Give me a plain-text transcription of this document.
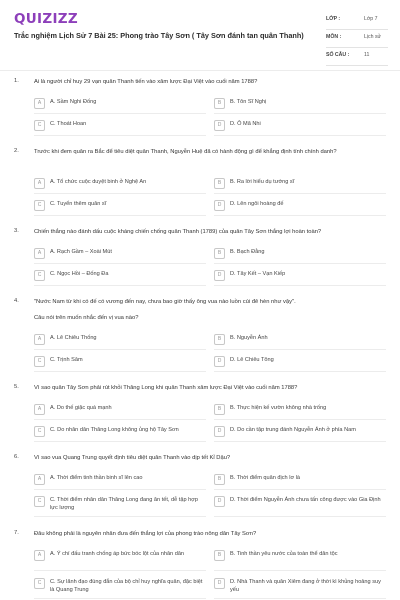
QUIZIZZ
Trắc nghiệm Lịch Sử 7 Bài 25: Phong trào Tây Sơn ( Tây Sơn đánh tan quân Thanh)
LỚP :	Lớp 7
MÔN :	Lịch sử
SỐ CÂU :	11
1.	Ai là người chỉ huy 29 vạn quân Thanh tiến vào xâm lược Đại Việt vào cuối năm 1788?
A	A. Sầm Nghi Đống	B	B. Tôn Sĩ Nghị
C	C. Thoát Hoan	D	D. Ô Mã Nhi
2.	Trước khi đem quân ra Bắc để tiêu diệt quân Thanh, Nguyễn Huệ đã có hành động gì để khẳng định tính chính danh?
A	A. Tổ chức cuộc duyệt binh ở Nghệ An	B	B. Ra lời hiểu dụ tướng sĩ
C	C. Tuyển thêm quân sĩ	D	D. Lên ngôi hoàng đế
3.	Chiến thắng nào đánh dấu cuộc kháng chiến chống quân Thanh (1789) của quân Tây Sơn thắng lợi hoàn toàn?
A	A. Rạch Gầm – Xoài Mút	B	B. Bạch Đằng
C	C. Ngọc Hồi – Đống Đa	D	D. Tây Kết – Vạn Kiếp
4.	"Nước Nam từ khi có đế có vương đến nay, chưa bao giờ thấy ông vua nào luồn cúi đê hèn như vậy".
Câu nói trên muốn nhắc đến vị vua nào?
A	A. Lê Chiêu Thống	B	B. Nguyễn Ánh
C	C. Trịnh Sâm	D	D. Lê Chiêu Tông
5.	Vì sao quân Tây Sơn phải rút khỏi Thăng Long khi quân Thanh xâm lược Đại Việt vào cuối năm 1788?
A	A. Do thế giặc quá mạnh	B	B. Thực hiện kế vườn không nhà trống
C	C. Do nhân dân Thăng Long không ủng hộ Tây Sơn	D	D. Do cần tập trung đánh Nguyễn Ánh ở phía Nam
6.	Vì sao vua Quang Trung quyết định tiêu diệt quân Thanh vào dịp tết Kỉ Dậu?
A	A. Thời điểm tinh thần binh sĩ lên cao	B	B. Thời điểm quân địch lơ là
C	C. Thời điểm nhân dân Thăng Long đang ăn tết, dễ tập hợp lực lượng
D	D. Thời điểm Nguyễn Ánh chưa tấn công được vào Gia Định
7.	Đâu không phải là nguyên nhân đưa đến thắng lợi của phong trào nông dân Tây Sơn?
A	A. Ý chí đấu tranh chống áp bức bóc lột của nhân dân	B	B. Tinh thần yêu nước của toàn thể dân tộc
C	C. Sự lãnh đạo đúng đắn của bộ chỉ huy nghĩa quân, đặc biệt là Quang Trung
D	D. Nhà Thanh và quân Xiêm đang ở thời kì khủng hoảng suy yếu
